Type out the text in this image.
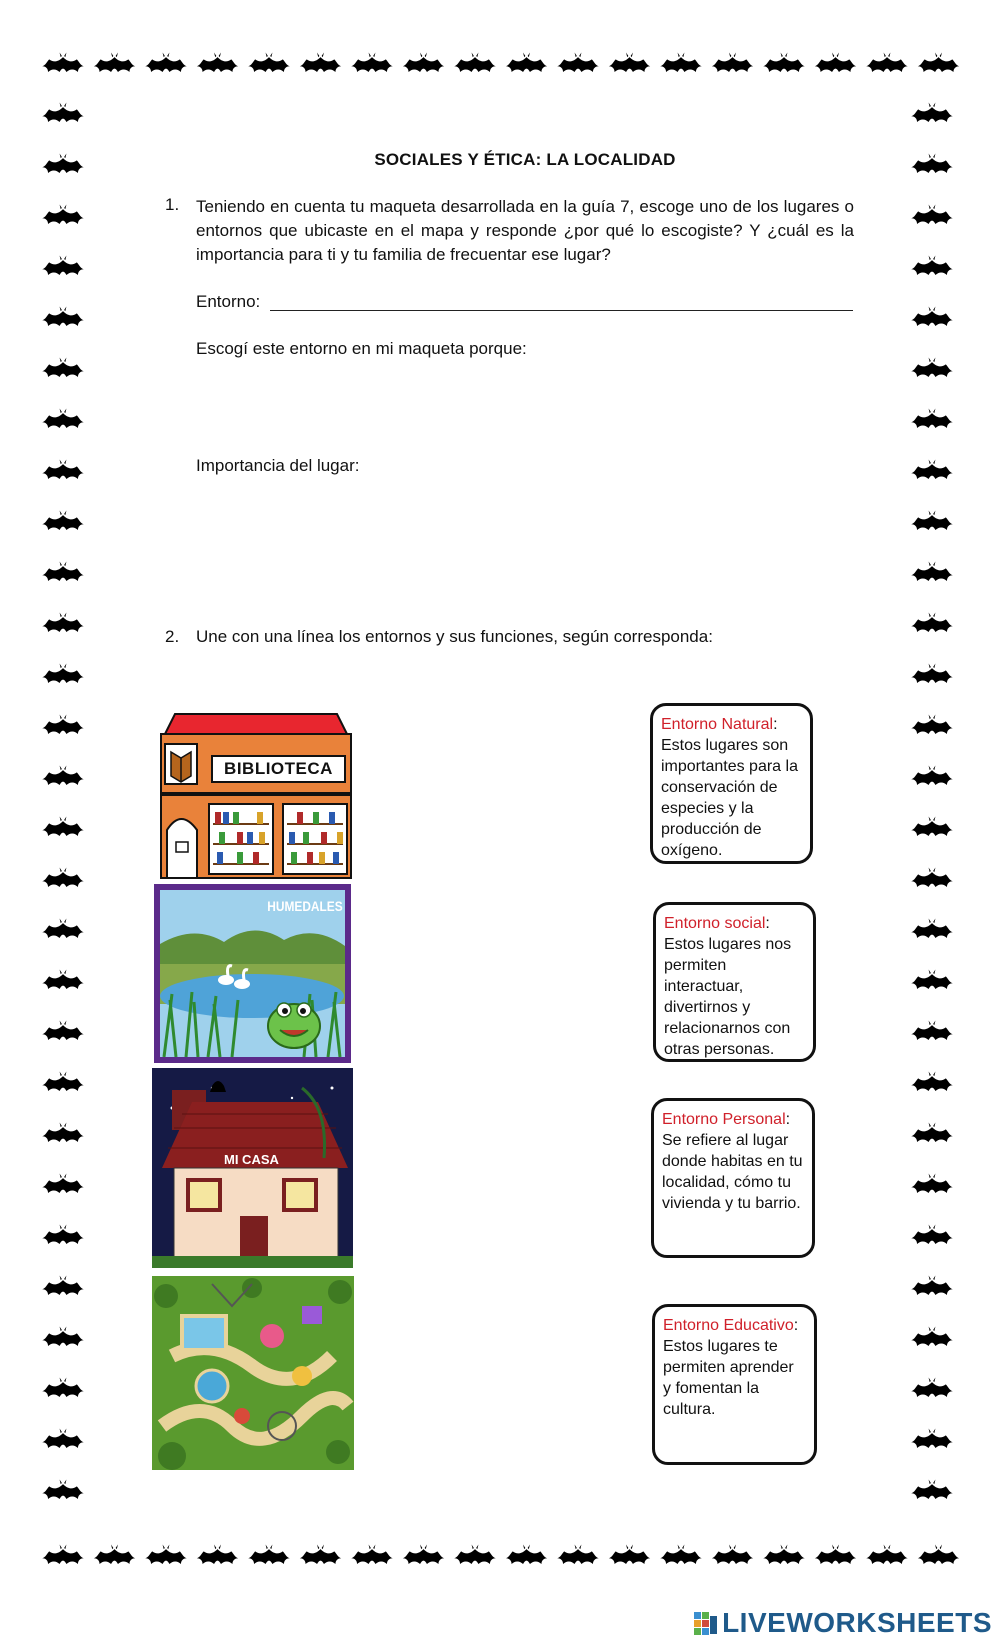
SOCIALES Y ÉTICA: LA LOCALIDAD
1. Teniendo en cuenta tu maqueta desarrollada en la guía 7, escoge uno de los lugares o entornos que ubicaste en el mapa y responde ¿por qué lo escogiste? Y ¿cuál es la importancia para ti y tu familia de frecuentar ese lugar?
Entorno:
Escogí este entorno en mi maqueta porque:
Importancia del lugar:
2. Une con una línea los entornos y sus funciones, según corresponda:
BIBLIOTECA
HUMEDALES
MI CASA
Entorno Natural:
Estos lugares son importantes para la conservación de especies y la producción de oxígeno.
Entorno social:
Estos lugares nos permiten interactuar, divertirnos y relacionarnos con otras personas.
Entorno Personal:
Se refiere al lugar donde habitas en tu localidad, cómo tu vivienda y tu barrio.
Entorno Educativo:
Estos lugares te permiten aprender y fomentan la cultura.
LIVEWORKSHEETS
